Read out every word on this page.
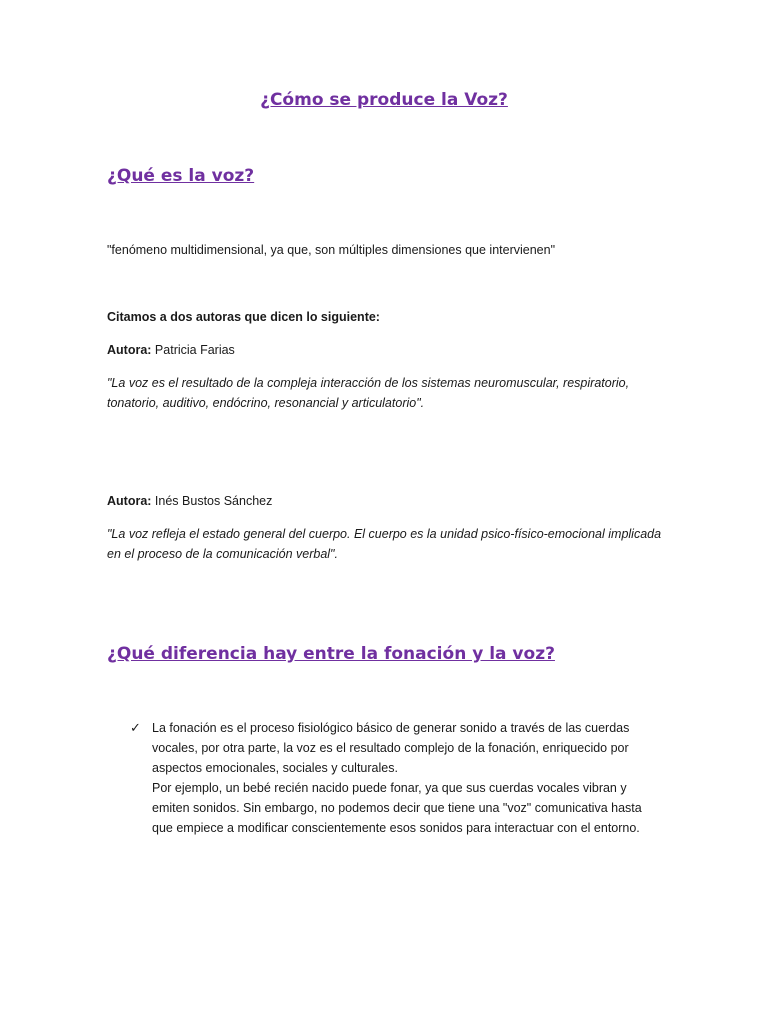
¿Cómo se produce la Voz?
¿Qué es la voz?
"fenómeno multidimensional, ya que, son múltiples dimensiones que intervienen"
Citamos a dos autoras que dicen lo siguiente:
Autora: Patricia Farias
"La voz es el resultado de la compleja interacción de los sistemas neuromuscular, respiratorio, tonatorio, auditivo, endócrino, resonancial y articulatorio".
Autora: Inés Bustos Sánchez
"La voz refleja el estado general del cuerpo. El cuerpo es la unidad psico-físico-emocional implicada en el proceso de la comunicación verbal".
¿Qué diferencia hay entre la fonación y la voz?
✓ La fonación es el proceso fisiológico básico de generar sonido a través de las cuerdas vocales, por otra parte, la voz es el resultado complejo de la fonación, enriquecido por aspectos emocionales, sociales y culturales.
Por ejemplo, un bebé recién nacido puede fonar, ya que sus cuerdas vocales vibran y emiten sonidos. Sin embargo, no podemos decir que tiene una "voz" comunicativa hasta que empiece a modificar conscientemente esos sonidos para interactuar con el entorno.
